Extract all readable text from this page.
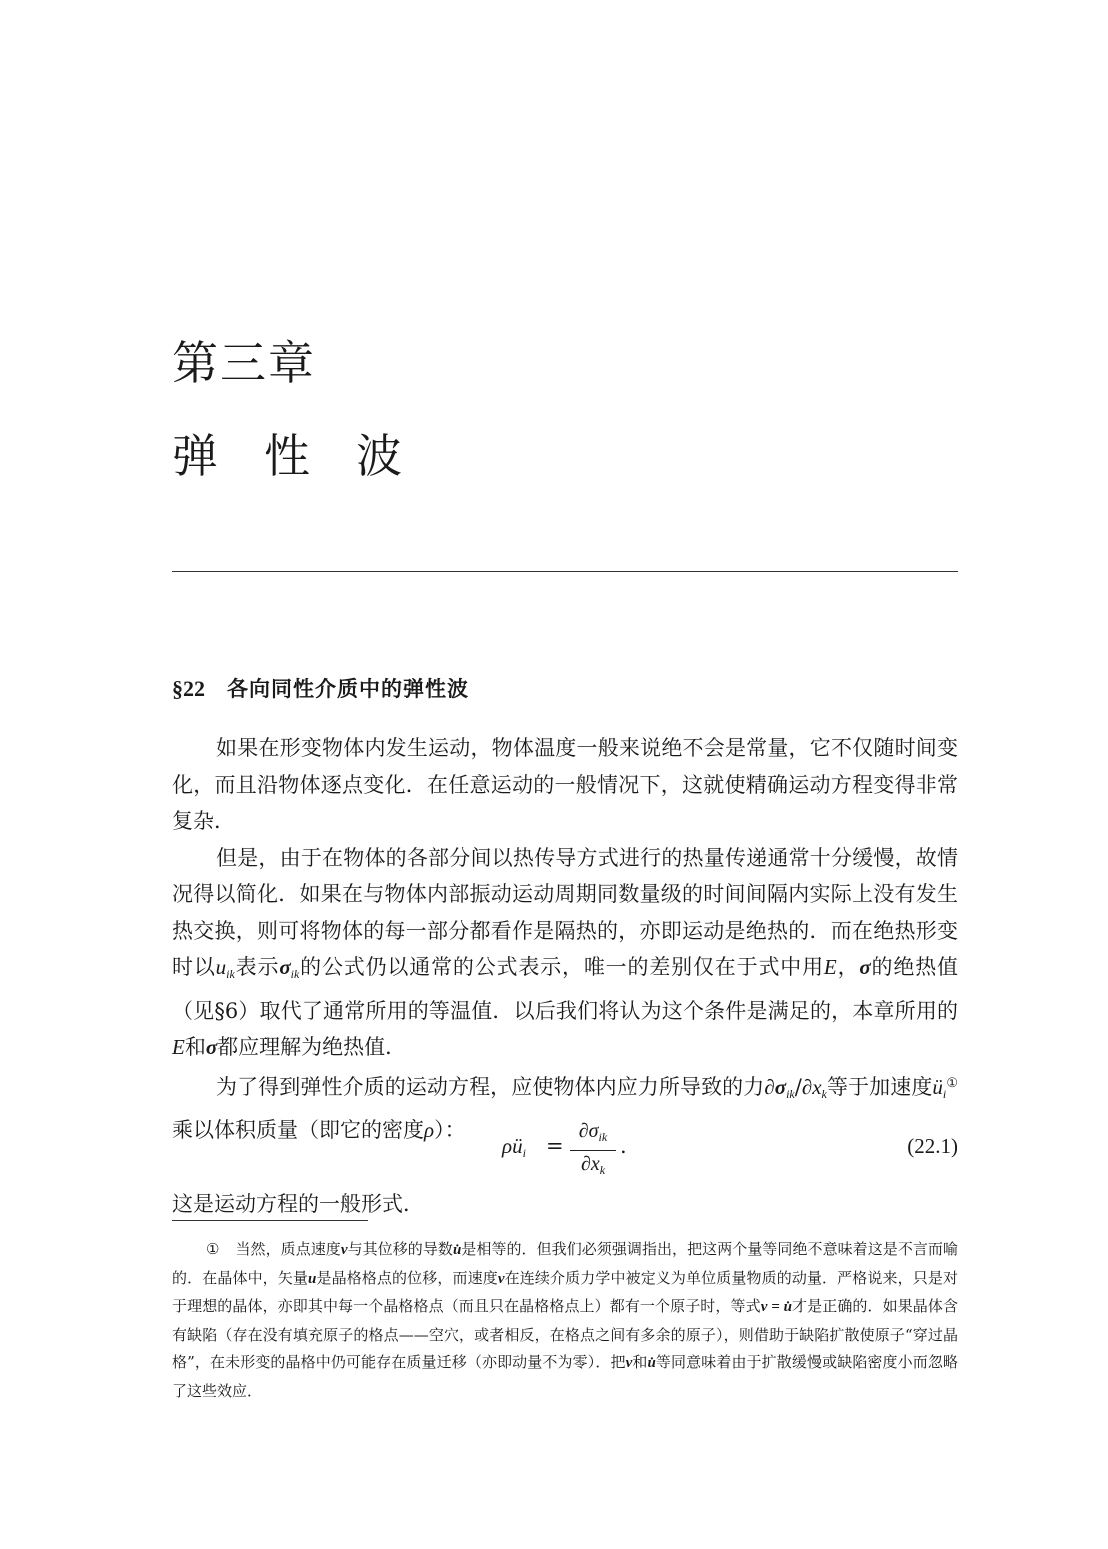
第三章
弹性波
§22 各向同性介质中的弹性波

如果在形变物体内发生运动，物体温度一般来说绝不会是常量，它不仅随时间变化，而且沿物体逐点变化．在任意运动的一般情况下，这就使精确运动方程变得非常复杂．

但是，由于在物体的各部分间以热传导方式进行的热量传递通常十分缓慢，故情况得以简化．如果在与物体内部振动运动周期同数量级的时间间隔内实际上没有发生热交换，则可将物体的每一部分都看作是隔热的，亦即运动是绝热的．而在绝热形变时以$u_{ik}$表示$\sigma_{ik}$的公式仍以通常的公式表示，唯一的差别仅在于式中用E，σ的绝热值（见§6）取代了通常所用的等温值．以后我们将认为这个条件是满足的，本章所用的E和σ都应理解为绝热值．

为了得到弹性介质的运动方程，应使物体内应力所导致的力$\partial\sigma_{ik}/\partial x_k$等于加速度$ü_i^①$乘以体积质量（即它的密度ρ）：

$\rho ü_i$ =
$\partial\sigma_{ik}$
$\partial x_k$
.	(22.1)
这是运动方程的一般形式．
① 当然，质点速度v与其位移的导数u̇是相等的．但我们必须强调指出，把这两个量等同绝不意味着这是不言而喻的．在晶体中，矢量u是晶格格点的位移，而速度v在连续介质力学中被定义为单位质量物质的动量．严格说来，只是对于理想的晶体，亦即其中每一个晶格格点（而且只在晶格格点上）都有一个原子时，等式v = u̇才是正确的．如果晶体含有缺陷（存在没有填充原子的格点——空穴，或者相反，在格点之间有多余的原子），则借助于缺陷扩散使原子“穿过晶格”，在未形变的晶格中仍可能存在质量迁移（亦即动量不为零）．把v和u̇等同意味着由于扩散缓慢或缺陷密度小而忽略了这些效应．
